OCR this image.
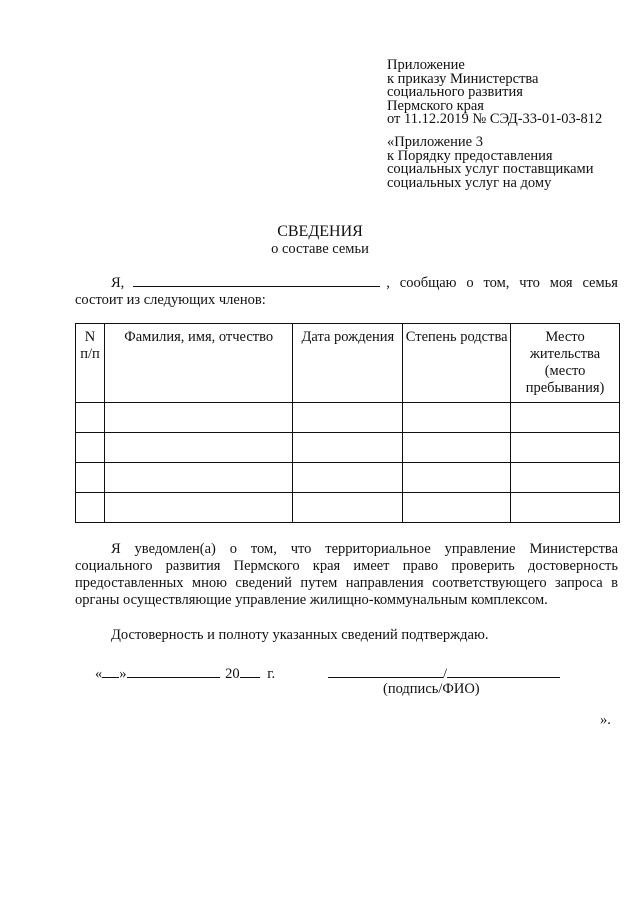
Приложение
к приказу Министерства
социального развития
Пермского края
от 11.12.2019 № СЭД-33-01-03-812
«Приложение 3
к Порядку предоставления
социальных услуг поставщиками
социальных услуг на дому
СВЕДЕНИЯ
о составе семьи
Я,	, сообщаю о том, что моя семья
состоит из следующих членов:
N п/п	Фамилия, имя, отчество	Дата рождения	Степень родства	Место жительства (место пребывания)

Я уведомлен(а) о том, что территориальное управление Министерства социального развития Пермского края имеет право проверить достоверность предоставленных мною сведений путем направления соответствующего запроса в органы осуществляющие управление жилищно-коммунальным комплексом.

Достоверность и полноту указанных сведений подтверждаю.
« »	20 г.	/
(подпись/ФИО)
».
